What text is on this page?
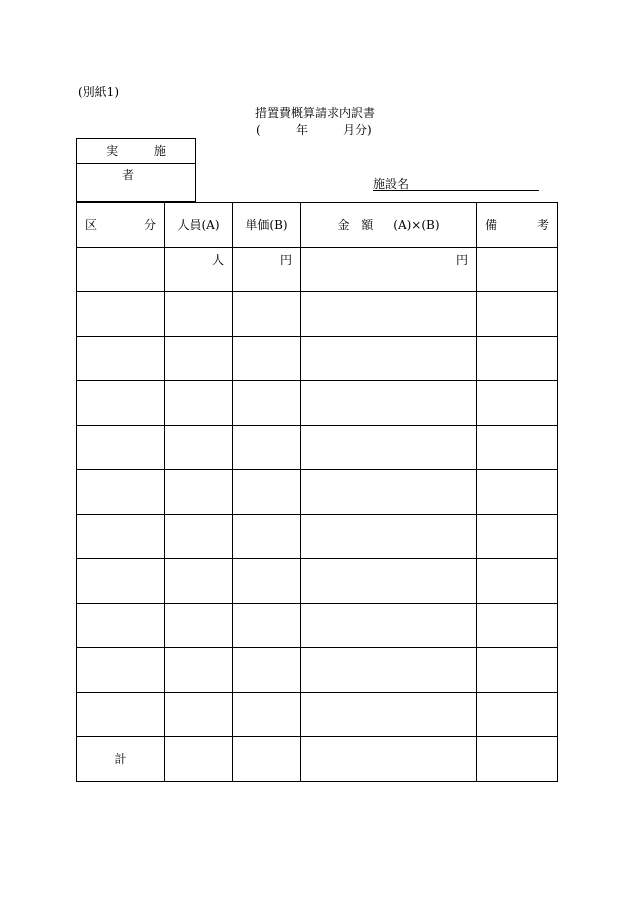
(別紙1)
措置費概算請求内訳書
(	年	月分)
実 施 者
施設名
区 分	人員(A)	単価(B)	金 額 (A)×(B)	備 考

	人	円	円	

計				
